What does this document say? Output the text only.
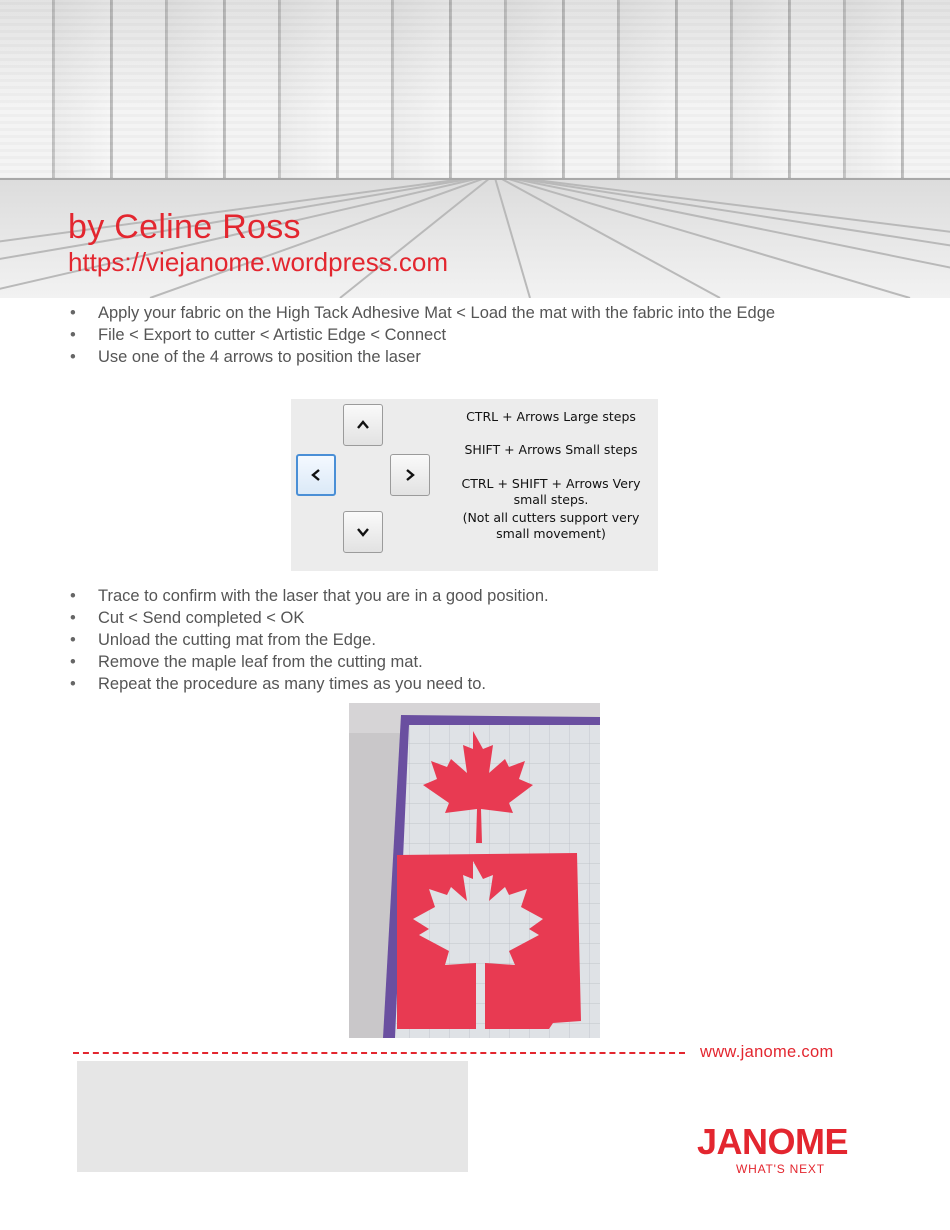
by Celine Ross

https://viejanome.wordpress.com

• Apply your fabric on the High Tack Adhesive Mat < Load the mat with the fabric into the Edge
• File < Export to cutter < Artistic Edge < Connect
• Use one of the 4 arrows to position the laser
CTRL + Arrows Large steps
SHIFT + Arrows Small steps
CTRL + SHIFT + Arrows Very small steps.
(Not all cutters support very small movement)
• Trace to confirm with the laser that you are in a good position.
• Cut < Send completed < OK
• Unload the cutting mat from the Edge.
• Remove the maple leaf from the cutting mat.
• Repeat the procedure as many times as you need to.

www.janome.com

JANOME

WHAT'S NEXT
